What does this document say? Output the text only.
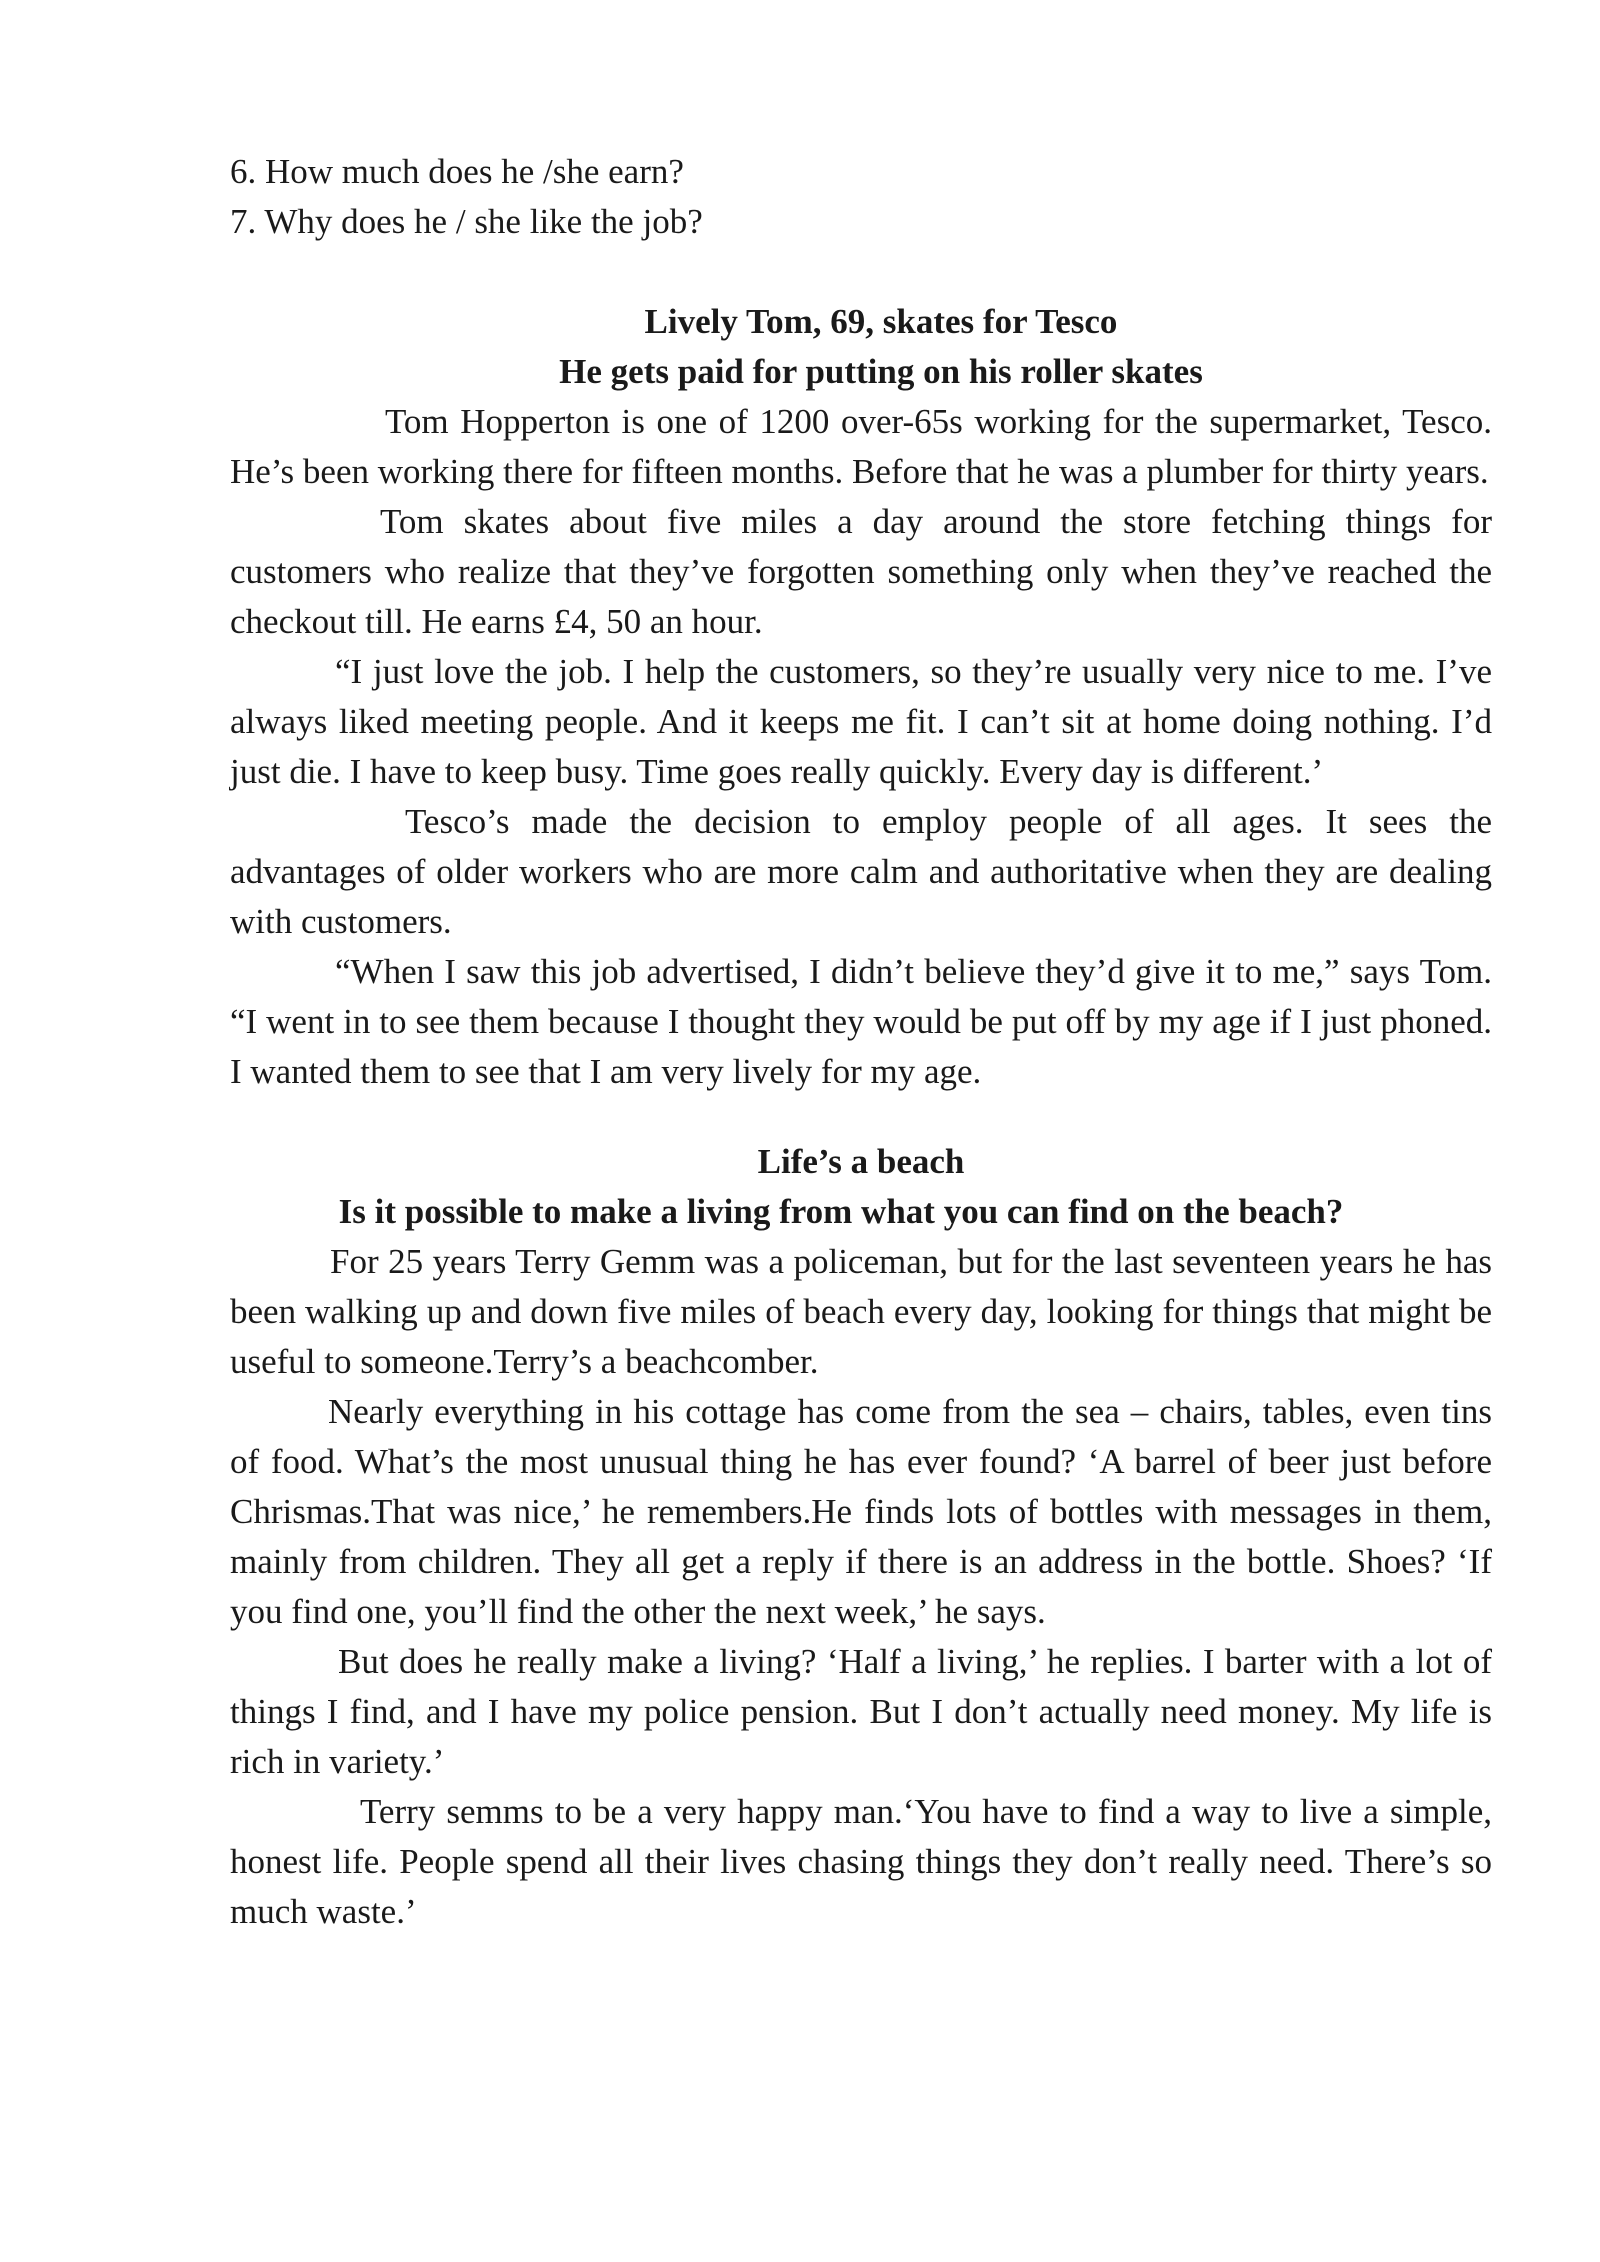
6. How much does he /she earn?

7. Why does he / she like the job?

Lively Tom, 69, skates for Tesco

He gets paid for putting on his roller skates

Tom Hopperton is one of 1200 over-65s working for the supermarket, Tesco. He’s been working there for fifteen months. Before that he was a plumber for thirty years.

Tom skates about five miles a day around the store fetching things for customers who realize that they’ve forgotten something only when they’ve reached the checkout till. He earns £4, 50 an hour.

“I just love the job. I help the customers, so they’re usually very nice to me. I’ve always liked meeting people. And it keeps me fit. I can’t sit at home doing nothing. I’d just die. I have to keep busy. Time goes really quickly. Every day is different.’

Tesco’s made the decision to employ people of all ages. It sees the advantages of older workers who are more calm and authoritative when they are dealing with customers.

“When I saw this job advertised, I didn’t believe they’d give it to me,” says Tom. “I went in to see them because I thought they would be put off by my age if I just phoned. I wanted them to see that I am very lively for my age.

Life’s a beach

Is it possible to make a living from what you can find on the beach?

For 25 years Terry Gemm was a policeman, but for the last seventeen years he has been walking up and down five miles of beach every day, looking for things that might be useful to someone.Terry’s a beachcomber.

Nearly everything in his cottage has come from the sea – chairs, tables, even tins of food. What’s the most unusual thing he has ever found? ‘A barrel of beer just before Chrismas.That was nice,’ he remembers.He finds lots of bottles with messages in them, mainly from children. They all get a reply if there is an address in the bottle. Shoes? ‘If you find one, you’ll find the other the next week,’ he says.

But does he really make a living? ‘Half a living,’ he replies. I barter with a lot of things I find, and I have my police pension. But I don’t actually need money. My life is rich in variety.’

Terry semms to be a very happy man.‘You have to find a way to live a simple, honest life. People spend all their lives chasing things they don’t really need. There’s so much waste.’
